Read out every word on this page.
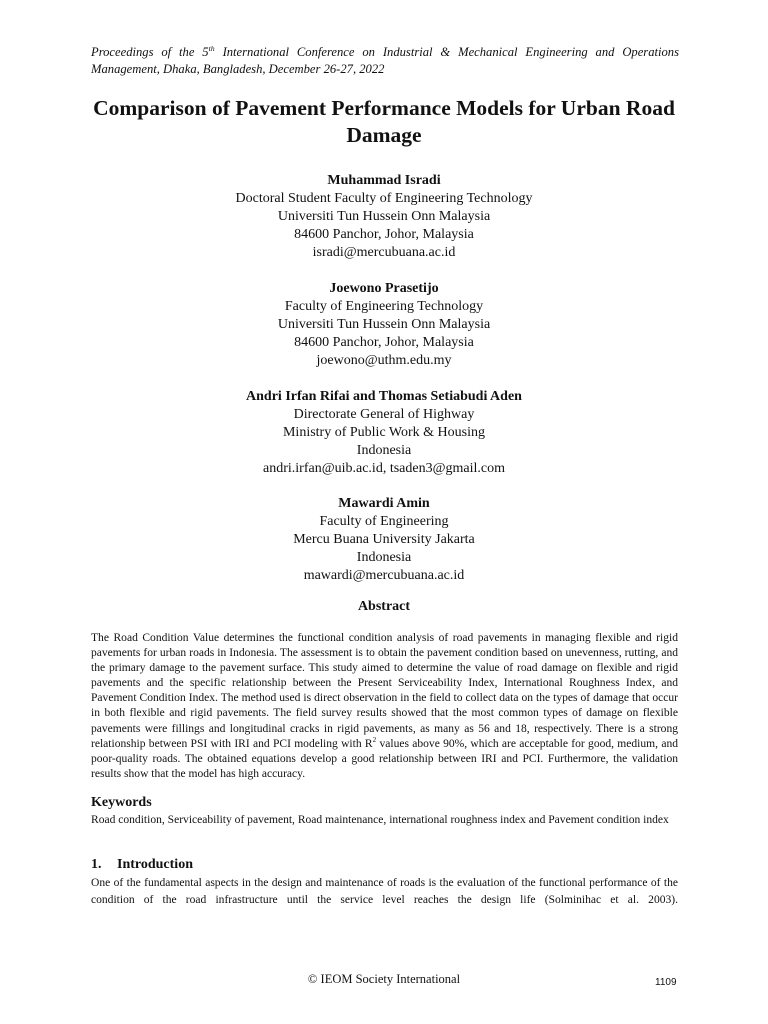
Proceedings of the 5th International Conference on Industrial & Mechanical Engineering and Operations Management, Dhaka, Bangladesh, December 26-27, 2022
Comparison of Pavement Performance Models for Urban Road Damage
Muhammad Isradi
Doctoral Student Faculty of Engineering Technology
Universiti Tun Hussein Onn Malaysia
84600 Panchor, Johor, Malaysia
isradi@mercubuana.ac.id
Joewono Prasetijo
Faculty of Engineering Technology
Universiti Tun Hussein Onn Malaysia
84600 Panchor, Johor, Malaysia
joewono@uthm.edu.my
Andri Irfan Rifai and Thomas Setiabudi Aden
Directorate General of Highway
Ministry of Public Work & Housing
Indonesia
andri.irfan@uib.ac.id, tsaden3@gmail.com
Mawardi Amin
Faculty of Engineering
Mercu Buana University Jakarta
Indonesia
mawardi@mercubuana.ac.id
Abstract
The Road Condition Value determines the functional condition analysis of road pavements in managing flexible and rigid pavements for urban roads in Indonesia. The assessment is to obtain the pavement condition based on unevenness, rutting, and the primary damage to the pavement surface. This study aimed to determine the value of road damage on flexible and rigid pavements and the specific relationship between the Present Serviceability Index, International Roughness Index, and Pavement Condition Index. The method used is direct observation in the field to collect data on the types of damage that occur in both flexible and rigid pavements. The field survey results showed that the most common types of damage on flexible pavements were fillings and longitudinal cracks in rigid pavements, as many as 56 and 18, respectively. There is a strong relationship between PSI with IRI and PCI modeling with $R^2$ values above 90%, which are acceptable for good, medium, and poor-quality roads. The obtained equations develop a good relationship between IRI and PCI. Furthermore, the validation results show that the model has high accuracy.
Keywords
Road condition, Serviceability of pavement, Road maintenance, international roughness index and Pavement condition index
1. Introduction
One of the fundamental aspects in the design and maintenance of roads is the evaluation of the functional performance of the condition of the road infrastructure until the service level reaches the design life (Solminihac et al. 2003).
© IEOM Society International	1109
